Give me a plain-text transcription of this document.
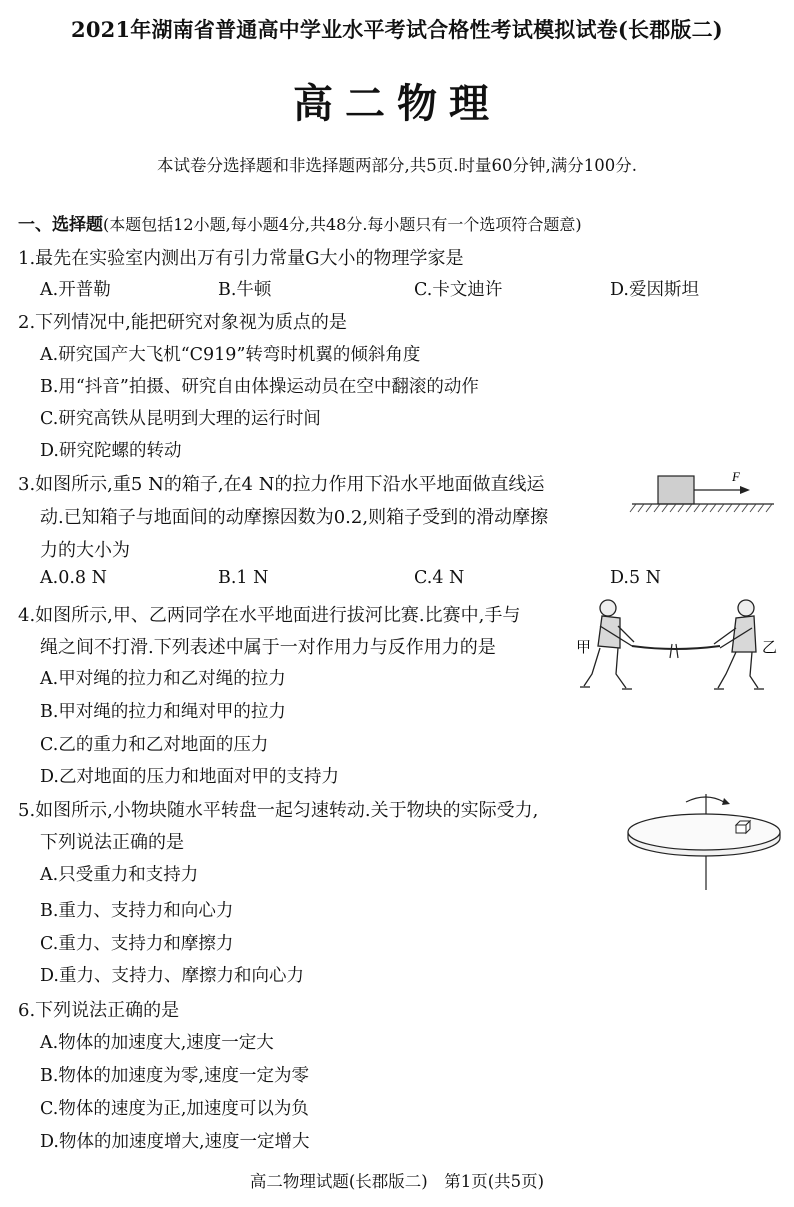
2021年湖南省普通高中学业水平考试合格性考试模拟试卷(长郡版二)
高二物理
本试卷分选择题和非选择题两部分,共5页.时量60分钟,满分100分.
一、选择题(本题包括12小题,每小题4分,共48分.每小题只有一个选项符合题意)
1.最先在实验室内测出万有引力常量G大小的物理学家是
A.开普勒	B.牛顿	C.卡文迪许	D.爱因斯坦
2.下列情况中,能把研究对象视为质点的是
A.研究国产大飞机“C919”转弯时机翼的倾斜角度
B.用“抖音”拍摄、研究自由体操运动员在空中翻滚的动作
C.研究高铁从昆明到大理的运行时间
D.研究陀螺的转动
3.如图所示,重5 N的箱子,在4 N的拉力作用下沿水平地面做直线运
动.已知箱子与地面间的动摩擦因数为0.2,则箱子受到的滑动摩擦
力的大小为
A.0.8 N	B.1 N	C.4 N	D.5 N
F
4.如图所示,甲、乙两同学在水平地面进行拔河比赛.比赛中,手与
绳之间不打滑.下列表述中属于一对作用力与反作用力的是
A.甲对绳的拉力和乙对绳的拉力
B.甲对绳的拉力和绳对甲的拉力
C.乙的重力和乙对地面的压力
D.乙对地面的压力和地面对甲的支持力
甲	乙
5.如图所示,小物块随水平转盘一起匀速转动.关于物块的实际受力,
下列说法正确的是
A.只受重力和支持力
B.重力、支持力和向心力
C.重力、支持力和摩擦力
D.重力、支持力、摩擦力和向心力
6.下列说法正确的是
A.物体的加速度大,速度一定大
B.物体的加速度为零,速度一定为零
C.物体的速度为正,加速度可以为负
D.物体的加速度增大,速度一定增大
高二物理试题(长郡版二)　第1页(共5页)
